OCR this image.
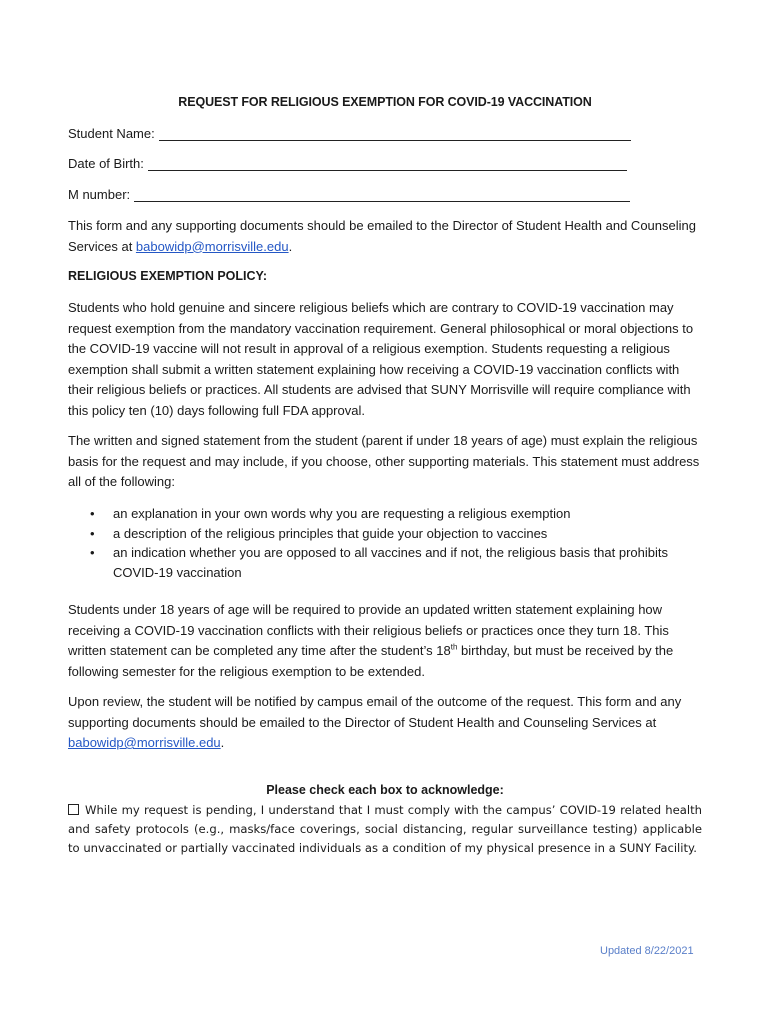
REQUEST FOR RELIGIOUS EXEMPTION FOR COVID-19 VACCINATION
Student Name:
Date of Birth:
M number:
This form and any supporting documents should be emailed to the Director of Student Health and Counseling Services at babowidp@morrisville.edu.
RELIGIOUS EXEMPTION POLICY:
Students who hold genuine and sincere religious beliefs which are contrary to COVID-19 vaccination may request exemption from the mandatory vaccination requirement. General philosophical or moral objections to the COVID-19 vaccine will not result in approval of a religious exemption. Students requesting a religious exemption shall submit a written statement explaining how receiving a COVID-19 vaccination conflicts with their religious beliefs or practices. All students are advised that SUNY Morrisville will require compliance with this policy ten (10) days following full FDA approval.
The written and signed statement from the student (parent if under 18 years of age) must explain the religious basis for the request and may include, if you choose, other supporting materials. This statement must address all of the following:
• an explanation in your own words why you are requesting a religious exemption
• a description of the religious principles that guide your objection to vaccines
• an indication whether you are opposed to all vaccines and if not, the religious basis that prohibits COVID-19 vaccination
Students under 18 years of age will be required to provide an updated written statement explaining how receiving a COVID-19 vaccination conflicts with their religious beliefs or practices once they turn 18. This written statement can be completed any time after the student’s 18th birthday, but must be received by the following semester for the religious exemption to be extended.
Upon review, the student will be notified by campus email of the outcome of the request. This form and any supporting documents should be emailed to the Director of Student Health and Counseling Services at babowidp@morrisville.edu.
Please check each box to acknowledge:
While my request is pending, I understand that I must comply with the campus’ COVID-19 related health and safety protocols (e.g., masks/face coverings, social distancing, regular surveillance testing) applicable to unvaccinated or partially vaccinated individuals as a condition of my physical presence in a SUNY Facility.
Updated 8/22/2021
